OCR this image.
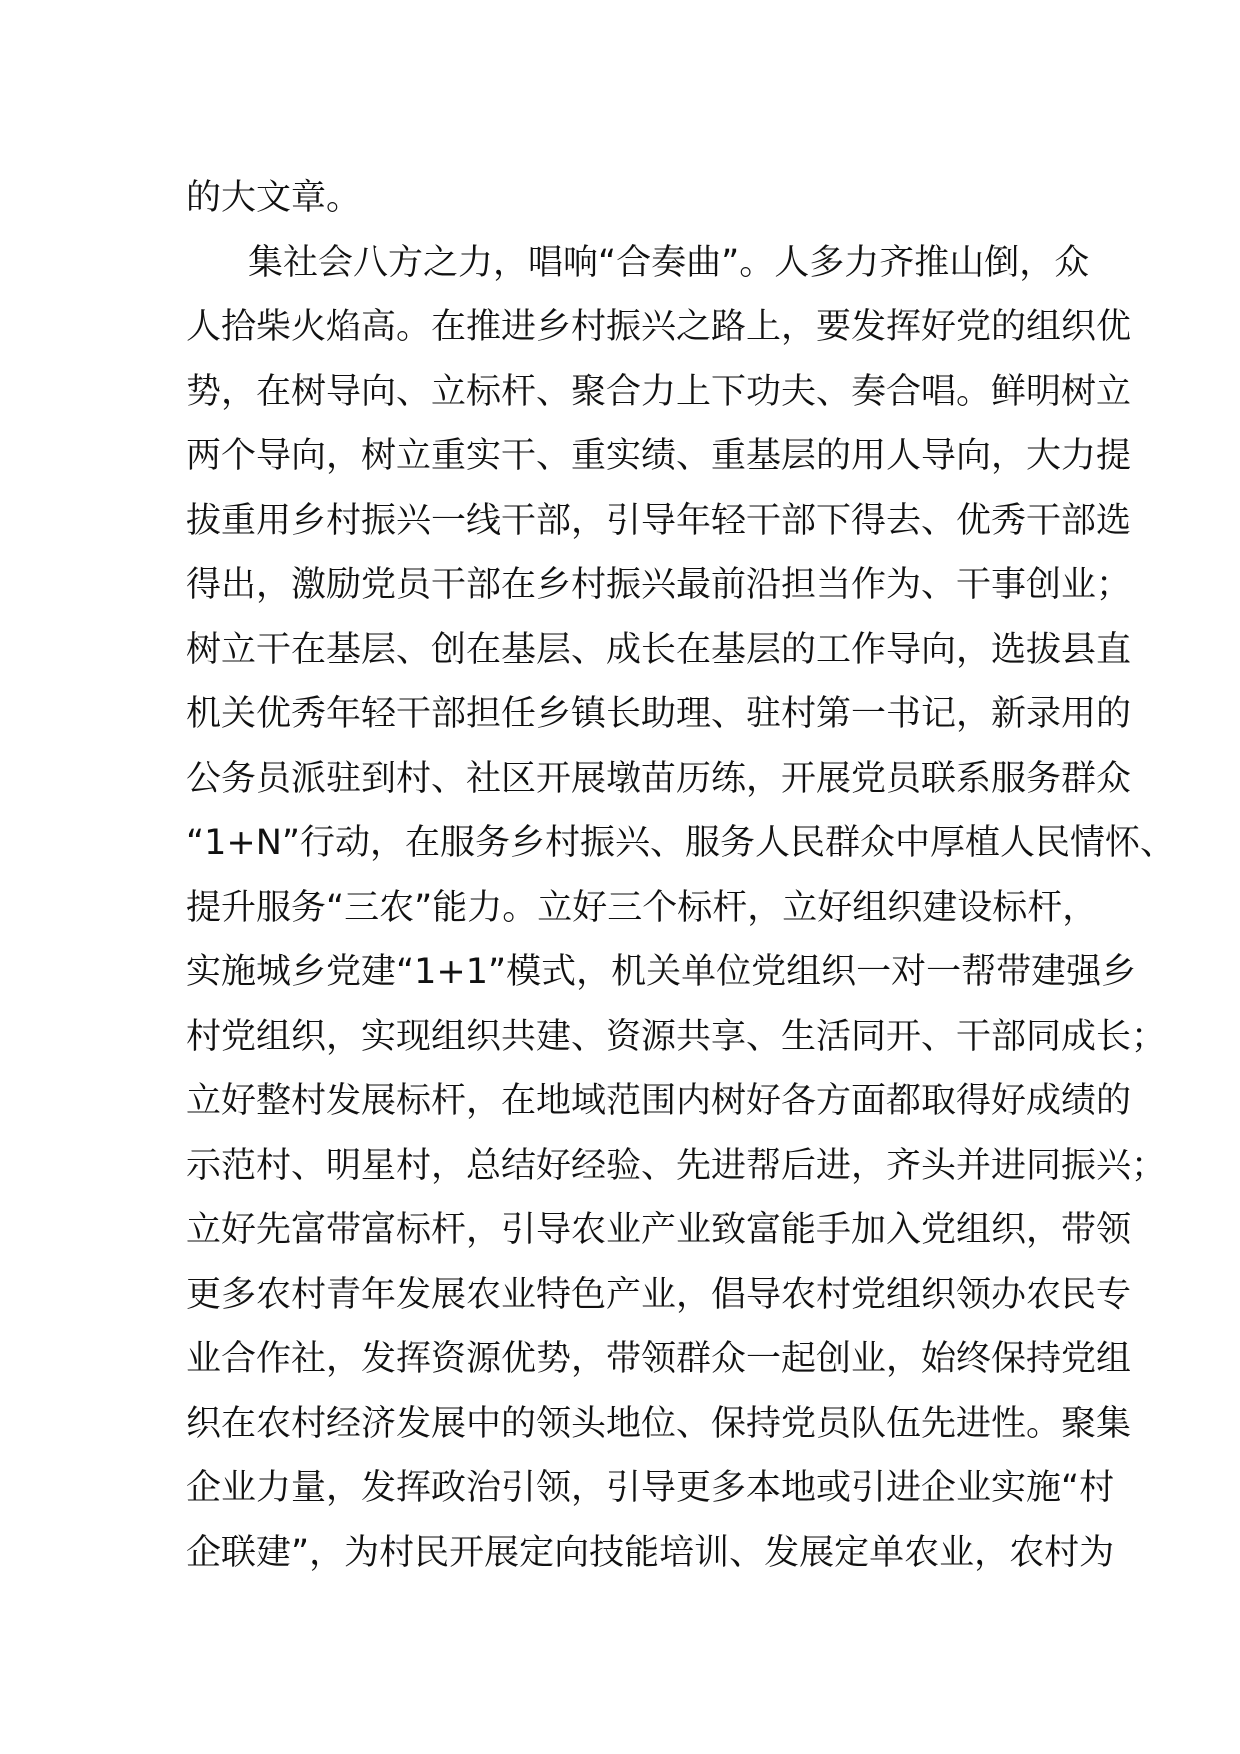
的大文章。
集社会八方之力，唱响“合奏曲”。人多力齐推山倒，众
人拾柴火焰高。在推进乡村振兴之路上，要发挥好党的组织优
势，在树导向、立标杆、聚合力上下功夫、奏合唱。鲜明树立
两个导向，树立重实干、重实绩、重基层的用人导向，大力提
拔重用乡村振兴一线干部，引导年轻干部下得去、优秀干部选
得出，激励党员干部在乡村振兴最前沿担当作为、干事创业；
树立干在基层、创在基层、成长在基层的工作导向，选拔县直
机关优秀年轻干部担任乡镇长助理、驻村第一书记，新录用的
公务员派驻到村、社区开展墩苗历练，开展党员联系服务群众
“1+N”行动，在服务乡村振兴、服务人民群众中厚植人民情怀、
提升服务“三农”能力。立好三个标杆，立好组织建设标杆，
实施城乡党建“1+1”模式，机关单位党组织一对一帮带建强乡
村党组织，实现组织共建、资源共享、生活同开、干部同成长；
立好整村发展标杆，在地域范围内树好各方面都取得好成绩的
示范村、明星村，总结好经验、先进帮后进，齐头并进同振兴；
立好先富带富标杆，引导农业产业致富能手加入党组织，带领
更多农村青年发展农业特色产业，倡导农村党组织领办农民专
业合作社，发挥资源优势，带领群众一起创业，始终保持党组
织在农村经济发展中的领头地位、保持党员队伍先进性。聚集
企业力量，发挥政治引领，引导更多本地或引进企业实施“村
企联建”，为村民开展定向技能培训、发展定单农业，农村为
